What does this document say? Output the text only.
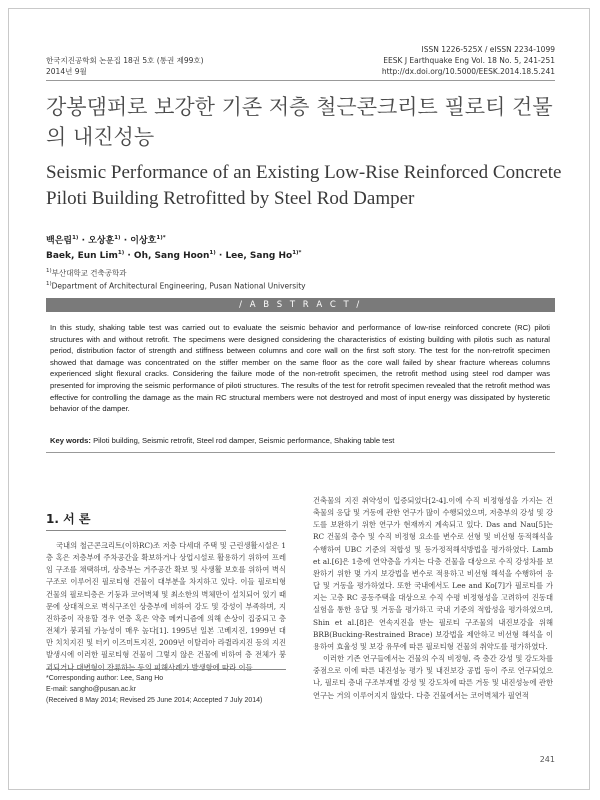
한국지진공학회 논문집 18권 5호 (통권 제99호)
2014년 9월
ISSN 1226-525X / eISSN 2234-1099
EESK J Earthquake Eng Vol. 18 No. 5, 241-251
http://dx.doi.org/10.5000/EESK.2014.18.5.241
강봉댐퍼로 보강한 기존 저층 철근콘크리트 필로티 건물의 내진성능
Seismic Performance of an Existing Low-Rise Reinforced Concrete Piloti Building Retrofitted by Steel Rod Damper
백은림$^{1)}$ · 오상훈$^{1)}$ · 이상호$^{1)*}$
Baek, Eun Lim$^{1)}$ · Oh, Sang Hoon$^{1)}$ · Lee, Sang $Ho^{1)*}$
$^{1)}$부산대학교 건축공학과
$^{1)}$Department of Architectural Engineering, Pusan National University
/ A B S T R A C T /
In this study, shaking table test was carried out to evaluate the seismic behavior and performance of low-rise reinforced concrete (RC) piloti structures with and without retrofit. The specimens were designed considering the characteristics of existing building with pilotis such as natural period, distribution factor of strength and stiffness between columns and core wall on the first soft story. The test for the non-retrofit specimen showed that damage was concentrated on the stiffer member on the same floor as the core wall failed by shear fracture whereas columns experienced slight flexural cracks. Considering the failure mode of the non-retrofit specimen, the retrofit method using steel rod damper was presented for improving the seismic performance of piloti structures. The results of the test for retrofit specimen revealed that the retrofit method was effective for controlling the damage as the main RC structural members were not destroyed and most of input energy was dissipated by hysteretic behavior of the damper.
Key words: Piloti building, Seismic retrofit, Steel rod damper, Seismic performance, Shaking table test
1. 서 론

국내의 철근콘크리트(이하RC)조 저층 다세대 주택 및 근린생활시설은 1층 혹은 저층부에 주차공간을 확보하거나 상업시설로 활용하기 위하여 프레임 구조를 채택하며, 상층부는 거주공간 확보 및 사생활 보호를 위하여 벽식구조로 이루어진 필로티형 건물이 대부분을 차지하고 있다. 이들 필로티형 건물의 필로티층은 기둥과 코어벽체 및 최소한의 벽체만이 설치되어 있기 때문에 상대적으로 벽식구조인 상층부에 비하여 강도 및 강성이 부족하며, 지진하중이 작용할 경우 연층 혹은 약층 메커니즘에 의해 손상이 집중되고 층 전체가 붕괴될 가능성이 매우 높다[1]. 1995년 일본 고베지진, 1999년 대만 치치지진 및 터키 이즈미트지진, 2009년 이탈리아 라퀼라지진 등의 지진 발생시에 이러한 필로티형 건물이 그렇지 않은 건물에 비하여 층 전체가 붕괴되거나 대변형이 잔류하는 등의 피해사례가 발생함에 따라 이들

건축물의 지진 취약성이 입증되었다[2-4].이에 수직 비정형성을 가지는 건축물의 응답 및 거동에 관한 연구가 많이 수행되었으며, 저층부의 강성 및 강도를 보완하기 위한 연구가 현재까지 계속되고 있다. Das and Nau[5]는 RC 건물의 층수 및 수직 비정형 요소를 변수로 선형 및 비선형 동적해석을 수행하여 UBC 기준의 적합성 및 등가정적해석방법을 평가하였다. Lamb et al.[6]은 1층에 연약층을 가지는 다층 건물을 대상으로 수직 강성차를 보완하기 위한 몇 가지 보강법을 변수로 적용하고 비선형 해석을 수행하여 응답 및 거동을 평가하였다. 또한 국내에서도 Lee and Ko[7]가 필로티를 가지는 고층 RC 공동주택을 대상으로 수직 수평 비정형성을 고려하여 진동대 실험을 통한 응답 및 거동을 평가하고 국내 기준의 적합성을 평가하였으며, Shin et al.[8]은 연속지진을 받는 필로티 구조물의 내진보강을 위해 BRB(Bucking-Restrained Brace) 보강법을 제안하고 비선형 해석을 이용하여 효율성 및 보강 유무에 따른 필로티형 건물의 취약도를 평가하였다.

이러한 기존 연구들에서는 건물의 수직 비정형, 즉 층간 강성 및 강도차를 중점으로 이에 따른 내진성능 평가 및 내진보강 공법 등이 주로 연구되었으나, 필로티 층내 구조부재별 강성 및 강도차에 따른 거동 및 내진성능에 관한 연구는 거의 이루어지지 않았다. 다층 건물에서는 코어벽체가 필연적

*Corresponding author: Lee, Sang Ho
E-mail: sangho@pusan.ac.kr
(Received 8 May 2014; Revised 25 June 2014; Accepted 7 July 2014)
241
